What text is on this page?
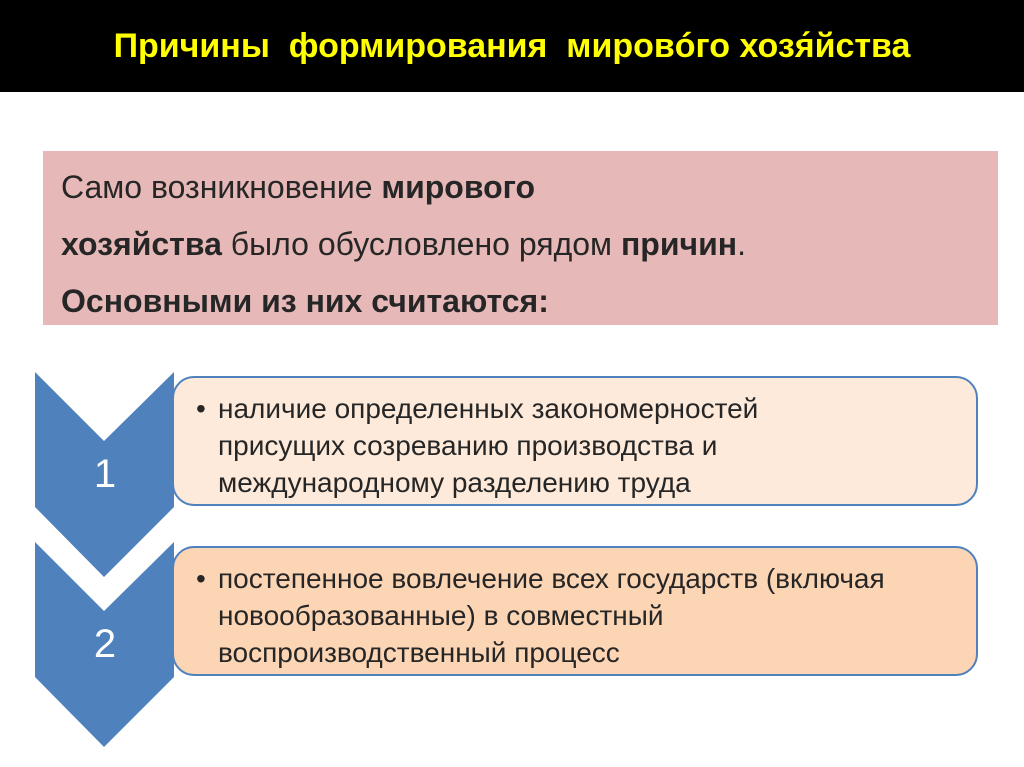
Причины  формирования  мировóго хозя́йства
Само возникновение мирового
хозяйства было обусловлено рядом причин.
Основными из них считаются:
1
2
• наличие определенных закономерностей
присущих созреванию производства и
международному разделению труда
• постепенное вовлечение всех государств (включая
новообразованные) в совместный
воспроизводственный процесс
